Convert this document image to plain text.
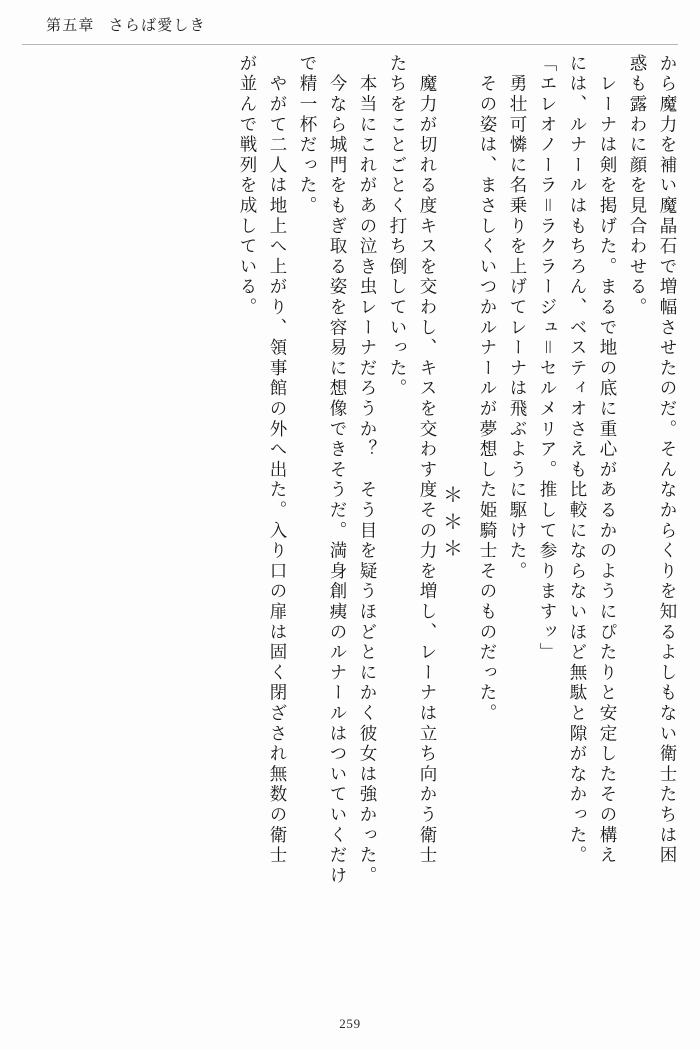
第五章 さらば愛しき
から魔力を補い魔晶石で増幅させたのだ。そんなからくりを知るよしもない衛士たちは困
惑も露わに顔を見合わせる。
　レーナは剣を掲げた。まるで地の底に重心があるかのようにぴたりと安定したその構え
には、ルナールはもちろん、ベスティオさえも比較にならないほど無駄と隙がなかった。
「エレオノーラ＝ラクラージュ＝セルメリア。推して参りますッ」
　勇壮可憐に名乗りを上げてレーナは飛ぶように駆けた。
　その姿は、まさしくいつかルナールが夢想した姫騎士そのものだった。
＊＊＊
　魔力が切れる度キスを交わし、キスを交わす度その力を増し、レーナは立ち向かう衛士
たちをことごとく打ち倒していった。
　本当にこれがあの泣き虫レーナだろうか？　そう目を疑うほどとにかく彼女は強かった。
　今なら城門をもぎ取る姿を容易に想像できそうだ。満身創痍のルナールはついていくだけ
で精一杯だった。
　やがて二人は地上へ上がり、領事館の外へ出た。入り口の扉は固く閉ざされ無数の衛士
が並んで戦列を成している。
259
